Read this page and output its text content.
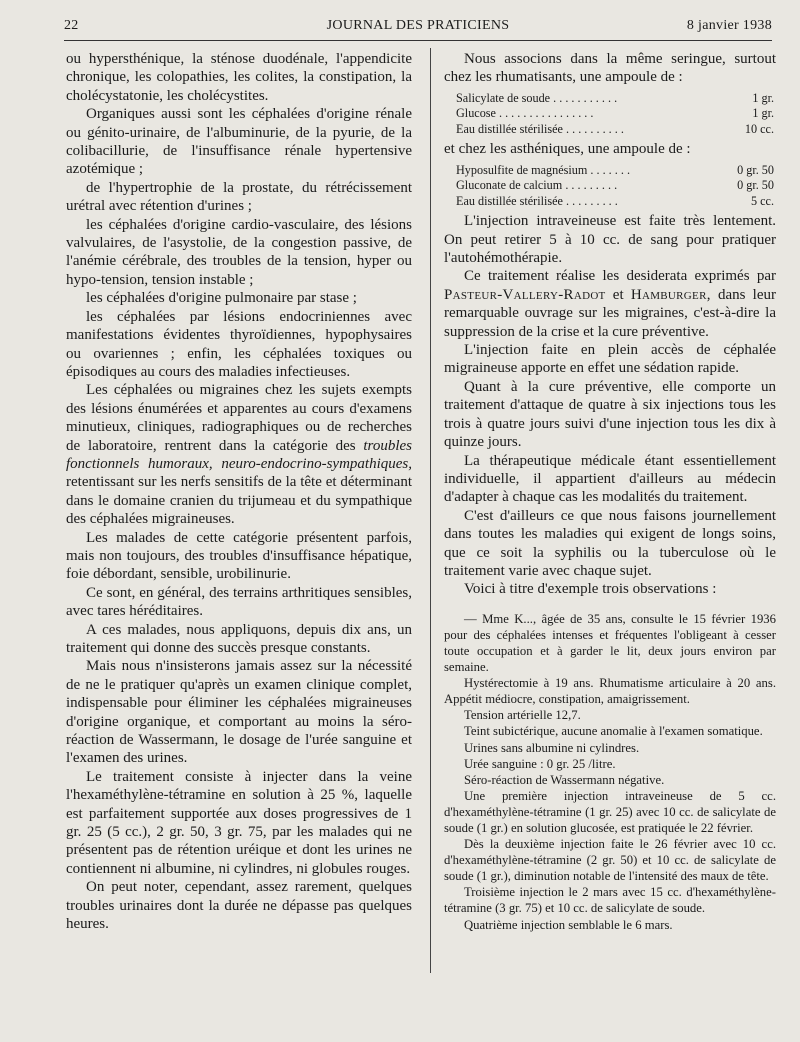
22	JOURNAL DES PRATICIENS	8 janvier 1938

ou hypersthénique, la sténose duodénale, l'appendicite chronique, les colopathies, les colites, la constipation, la cholécystatonie, les cholécystites.

Organiques aussi sont les céphalées d'origine rénale ou génito-urinaire, de l'albuminurie, de la pyurie, de la colibacillurie, de l'insuffisance rénale hypertensive azotémique ;

de l'hypertrophie de la prostate, du rétrécissement urétral avec rétention d'urines ;

les céphalées d'origine cardio-vasculaire, des lésions valvulaires, de l'asystolie, de la congestion passive, de l'anémie cérébrale, des troubles de la tension, hyper ou hypo-tension, tension instable ;

les céphalées d'origine pulmonaire par stase ;

les céphalées par lésions endocriniennes avec manifestations évidentes thyroïdiennes, hypophysaires ou ovariennes ; enfin, les céphalées toxiques ou épisodiques au cours des maladies infectieuses.

Les céphalées ou migraines chez les sujets exempts des lésions énumérées et apparentes au cours d'examens minutieux, cliniques, radiographiques ou de recherches de laboratoire, rentrent dans la catégorie des troubles fonctionnels humoraux, neuro-endocrino-sympathiques, retentissant sur les nerfs sensitifs de la tête et déterminant dans le domaine cranien du trijumeau et du sympathique des céphalées migraineuses.

Les malades de cette catégorie présentent parfois, mais non toujours, des troubles d'insuffisance hépatique, foie débordant, sensible, urobilinurie.

Ce sont, en général, des terrains arthritiques sensibles, avec tares héréditaires.

A ces malades, nous appliquons, depuis dix ans, un traitement qui donne des succès presque constants.

Mais nous n'insisterons jamais assez sur la nécessité de ne le pratiquer qu'après un examen clinique complet, indispensable pour éliminer les céphalées migraineuses d'origine organique, et comportant au moins la séro-réaction de Wassermann, le dosage de l'urée sanguine et l'examen des urines.

Le traitement consiste à injecter dans la veine l'hexaméthylène-tétramine en solution à 25 %, laquelle est parfaitement supportée aux doses progressives de 1 gr. 25 (5 cc.), 2 gr. 50, 3 gr. 75, par les malades qui ne présentent pas de rétention uréique et dont les urines ne contiennent ni albumine, ni cylindres, ni globules rouges.

On peut noter, cependant, assez rarement, quelques troubles urinaires dont la durée ne dépasse pas quelques heures.

Nous associons dans la même seringue, surtout chez les rhumatisants, une ampoule de :

Salicylate de soude . . . . . . . . . . .	1 gr.
Glucose . . . . . . . . . . . . . . . .	1 gr.
Eau distillée stérilisée . . . . . . . . . .	10 cc.

et chez les asthéniques, une ampoule de :

Hyposulfite de magnésium . . . . . . .	0 gr. 50
Gluconate de calcium . . . . . . . . .	0 gr. 50
Eau distillée stérilisée . . . . . . . . .	5 cc.

L'injection intraveineuse est faite très lentement. On peut retirer 5 à 10 cc. de sang pour pratiquer l'autohémothérapie.

Ce traitement réalise les desiderata exprimés par Pasteur-Vallery-Radot et Hamburger, dans leur remarquable ouvrage sur les migraines, c'est-à-dire la suppression de la crise et la cure préventive.

L'injection faite en plein accès de céphalée migraineuse apporte en effet une sédation rapide.

Quant à la cure préventive, elle comporte un traitement d'attaque de quatre à six injections tous les trois à quatre jours suivi d'une injection tous les dix à quinze jours.

La thérapeutique médicale étant essentiellement individuelle, il appartient d'ailleurs au médecin d'adapter à chaque cas les modalités du traitement.

C'est d'ailleurs ce que nous faisons journellement dans toutes les maladies qui exigent de longs soins, que ce soit la syphilis ou la tuberculose où le traitement varie avec chaque sujet.

Voici à titre d'exemple trois observations :

— Mme K..., âgée de 35 ans, consulte le 15 février 1936 pour des céphalées intenses et fréquentes l'obligeant à cesser toute occupation et à garder le lit, deux jours environ par semaine.

Hystérectomie à 19 ans. Rhumatisme articulaire à 20 ans. Appétit médiocre, constipation, amaigrissement.

Tension artérielle 12,7.

Teint subictérique, aucune anomalie à l'examen somatique.

Urines sans albumine ni cylindres.

Urée sanguine : 0 gr. 25 /litre.

Séro-réaction de Wassermann négative.

Une première injection intraveineuse de 5 cc. d'hexaméthylène-tétramine (1 gr. 25) avec 10 cc. de salicylate de soude (1 gr.) en solution glucosée, est pratiquée le 22 février.

Dès la deuxième injection faite le 26 février avec 10 cc. d'hexaméthylène-tétramine (2 gr. 50) et 10 cc. de salicylate de soude (1 gr.), diminution notable de l'intensité des maux de tête.

Troisième injection le 2 mars avec 15 cc. d'hexaméthylène-tétramine (3 gr. 75) et 10 cc. de salicylate de soude.

Quatrième injection semblable le 6 mars.
